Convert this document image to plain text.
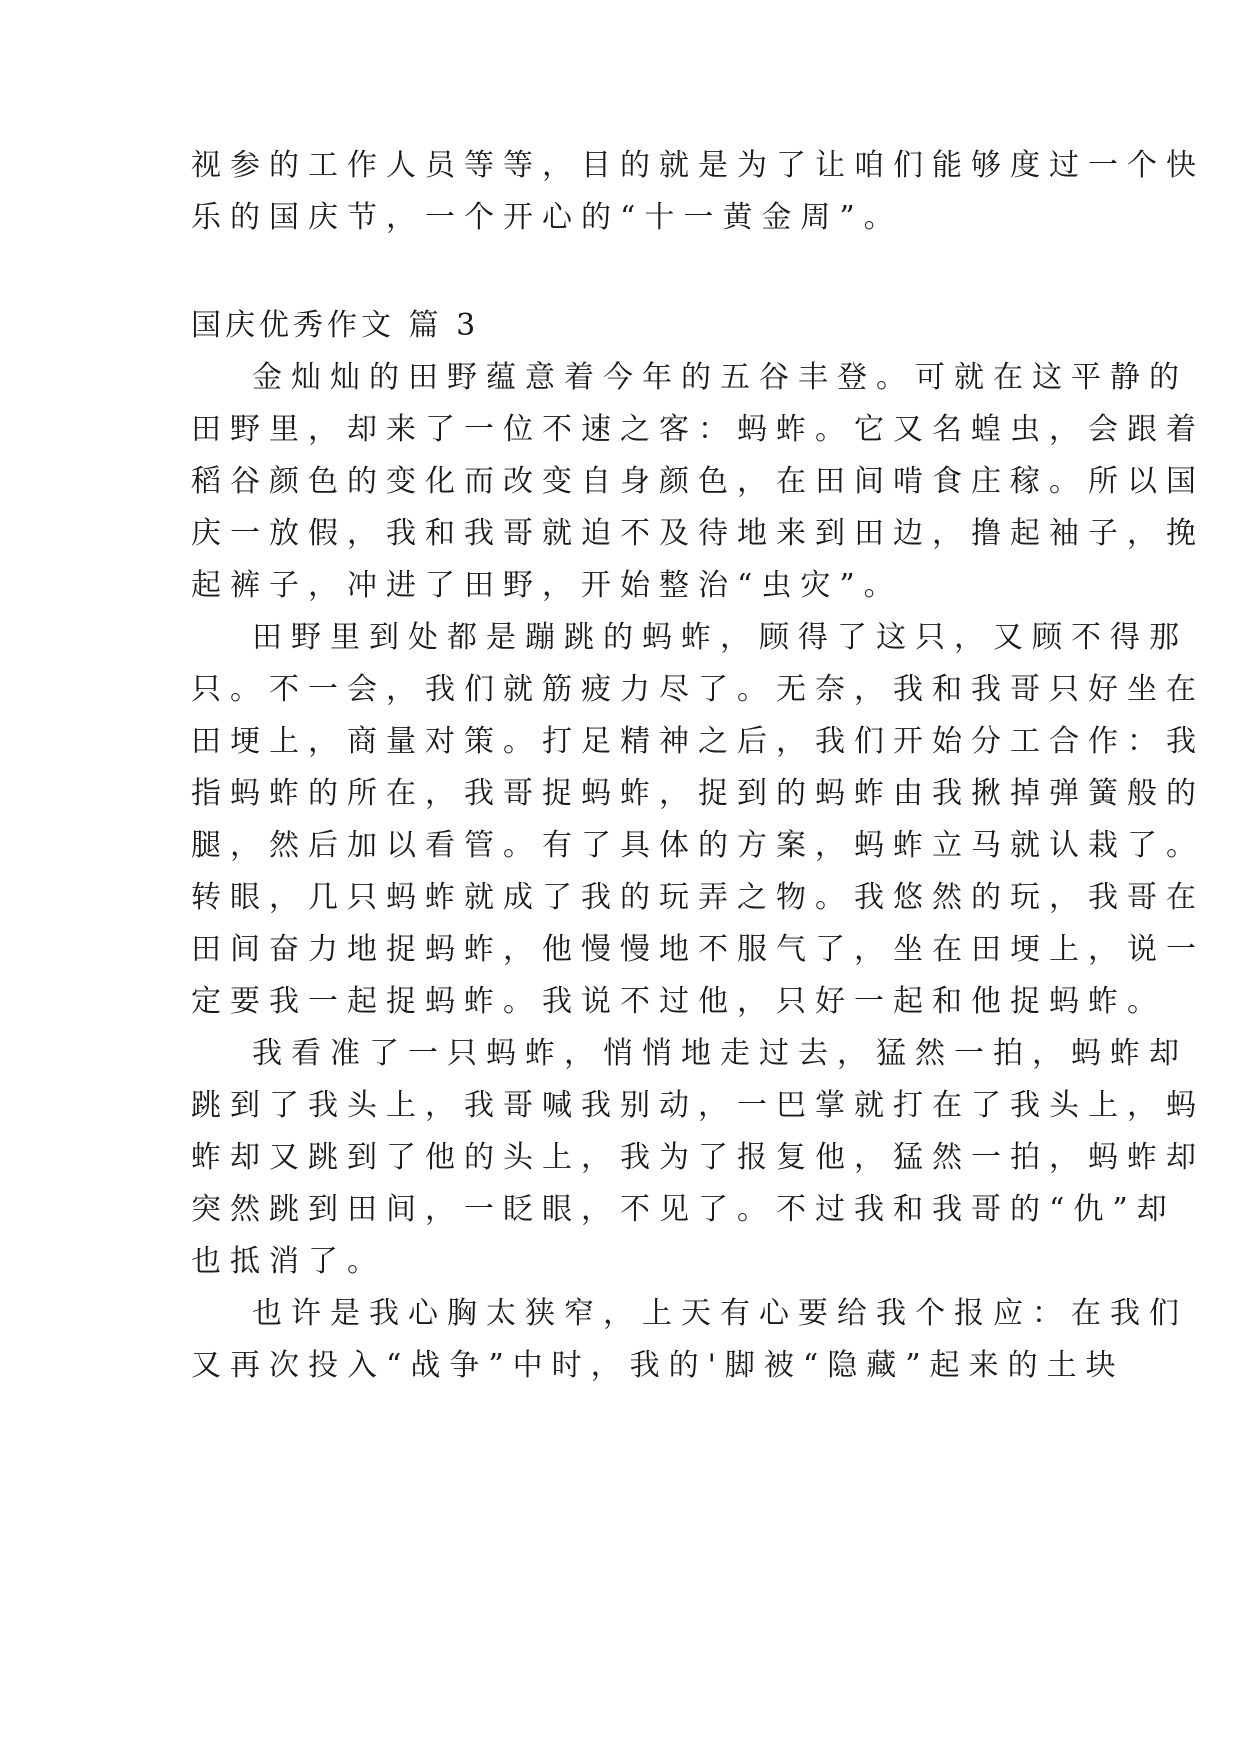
视参的工作人员等等，目的就是为了让咱们能够度过一个快
乐的国庆节，一个开心的“十一黄金周”。
国庆优秀作文 篇 3
金灿灿的田野蕴意着今年的五谷丰登。可就在这平静的
田野里，却来了一位不速之客：蚂蚱。它又名蝗虫，会跟着
稻谷颜色的变化而改变自身颜色，在田间啃食庄稼。所以国
庆一放假，我和我哥就迫不及待地来到田边，撸起袖子，挽
起裤子，冲进了田野，开始整治“虫灾”。
田野里到处都是蹦跳的蚂蚱，顾得了这只，又顾不得那
只。不一会，我们就筋疲力尽了。无奈，我和我哥只好坐在
田埂上，商量对策。打足精神之后，我们开始分工合作：我
指蚂蚱的所在，我哥捉蚂蚱，捉到的蚂蚱由我揪掉弹簧般的
腿，然后加以看管。有了具体的方案，蚂蚱立马就认栽了。
转眼，几只蚂蚱就成了我的玩弄之物。我悠然的玩，我哥在
田间奋力地捉蚂蚱，他慢慢地不服气了，坐在田埂上，说一
定要我一起捉蚂蚱。我说不过他，只好一起和他捉蚂蚱。
我看准了一只蚂蚱，悄悄地走过去，猛然一拍，蚂蚱却
跳到了我头上，我哥喊我别动，一巴掌就打在了我头上，蚂
蚱却又跳到了他的头上，我为了报复他，猛然一拍，蚂蚱却
突然跳到田间，一眨眼，不见了。不过我和我哥的“仇”却
也抵消了。
也许是我心胸太狭窄，上天有心要给我个报应：在我们
又再次投入“战争”中时，我的'脚被“隐藏”起来的土块
